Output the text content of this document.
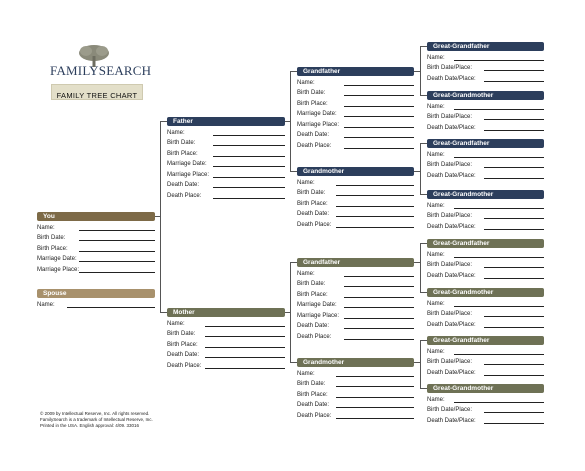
FAMILYSEARCH
FAMILY TREE CHART
You
Name:
Birth Date:
Birth Place:
Marriage Date:
Marriage Place:
Spouse
Name:
Father
Name:
Birth Date:
Birth Place:
Marriage Date:
Marriage Place:
Death Date:
Death Place:
Mother
Name:
Birth Date:
Birth Place:
Death Date:
Death Place:
Grandfather
Name:
Birth Date:
Birth Place:
Marriage Date:
Marriage Place:
Death Date:
Death Place:
Grandmother
Name:
Birth Date:
Birth Place:
Death Date:
Death Place:
Grandfather
Name:
Birth Date:
Birth Place:
Marriage Date:
Marriage Place:
Death Date:
Death Place:
Grandmother
Name:
Birth Date:
Birth Place:
Death Date:
Death Place:
Great-Grandfather
Name:
Birth Date/Place:
Death Date/Place:
Great-Grandmother
Name:
Birth Date/Place:
Death Date/Place:
Great-Grandfather
Name:
Birth Date/Place:
Death Date/Place:
Great-Grandmother
Name:
Birth Date/Place:
Death Date/Place:
Great-Grandfather
Name:
Birth Date/Place:
Death Date/Place:
Great-Grandmother
Name:
Birth Date/Place:
Death Date/Place:
Great-Grandfather
Name:
Birth Date/Place:
Death Date/Place:
Great-Grandmother
Name:
Birth Date/Place:
Death Date/Place:
© 2009 by Intellectual Reserve, Inc. All rights reserved.
FamilySearch is a trademark of Intellectual Reserve, Inc.
Printed in the USA. English approval: 4/09. 33016
